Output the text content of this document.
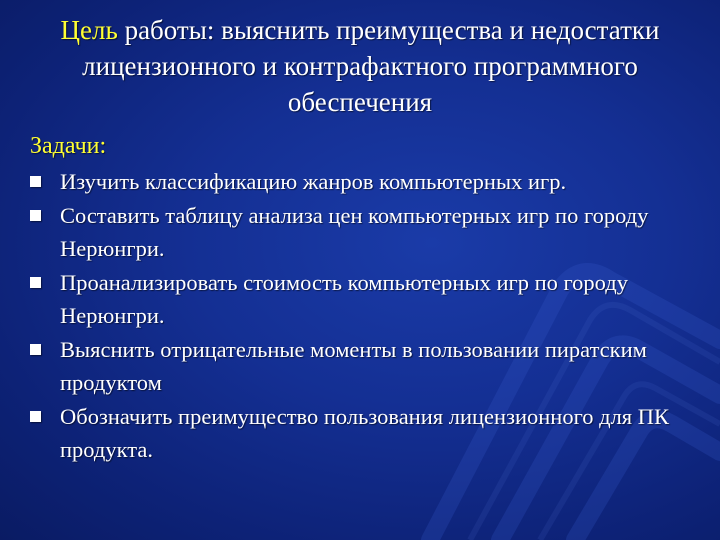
Цель работы: выяснить преимущества и недостатки лицензионного и контрафактного программного обеспечения
Задачи:
Изучить классификацию жанров компьютерных игр.
Составить таблицу анализа цен компьютерных игр по городу Нерюнгри.
Проанализировать стоимость компьютерных игр по городу Нерюнгри.
Выяснить отрицательные моменты в пользовании пиратским продуктом
Обозначить преимущество пользования лицензионного для ПК продукта.
